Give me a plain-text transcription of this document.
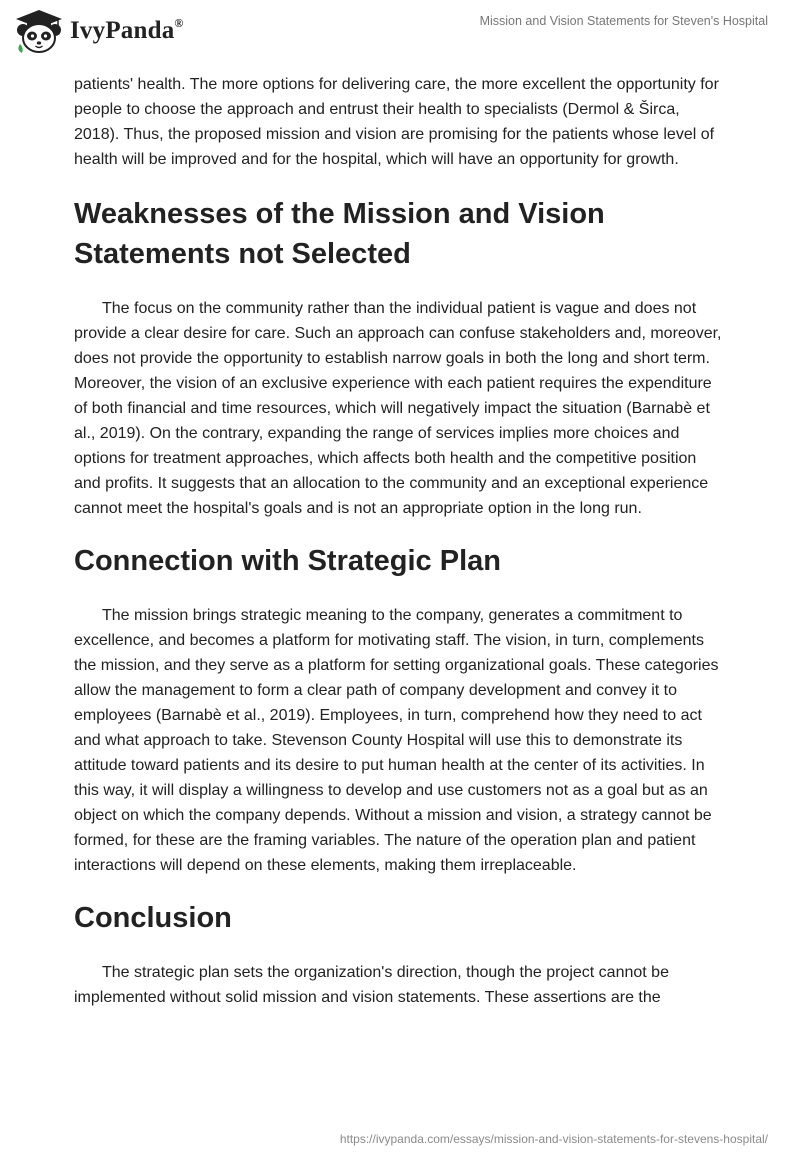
IvyPanda®	Mission and Vision Statements for Steven's Hospital

patients' health. The more options for delivering care, the more excellent the opportunity for people to choose the approach and entrust their health to specialists (Dermol & Širca, 2018). Thus, the proposed mission and vision are promising for the patients whose level of health will be improved and for the hospital, which will have an opportunity for growth.

Weaknesses of the Mission and Vision Statements not Selected

The focus on the community rather than the individual patient is vague and does not provide a clear desire for care. Such an approach can confuse stakeholders and, moreover, does not provide the opportunity to establish narrow goals in both the long and short term. Moreover, the vision of an exclusive experience with each patient requires the expenditure of both financial and time resources, which will negatively impact the situation (Barnabè et al., 2019). On the contrary, expanding the range of services implies more choices and options for treatment approaches, which affects both health and the competitive position and profits. It suggests that an allocation to the community and an exceptional experience cannot meet the hospital's goals and is not an appropriate option in the long run.

Connection with Strategic Plan

The mission brings strategic meaning to the company, generates a commitment to excellence, and becomes a platform for motivating staff. The vision, in turn, complements the mission, and they serve as a platform for setting organizational goals. These categories allow the management to form a clear path of company development and convey it to employees (Barnabè et al., 2019). Employees, in turn, comprehend how they need to act and what approach to take. Stevenson County Hospital will use this to demonstrate its attitude toward patients and its desire to put human health at the center of its activities. In this way, it will display a willingness to develop and use customers not as a goal but as an object on which the company depends. Without a mission and vision, a strategy cannot be formed, for these are the framing variables. The nature of the operation plan and patient interactions will depend on these elements, making them irreplaceable.

Conclusion

The strategic plan sets the organization's direction, though the project cannot be implemented without solid mission and vision statements. These assertions are the

https://ivypanda.com/essays/mission-and-vision-statements-for-stevens-hospital/
